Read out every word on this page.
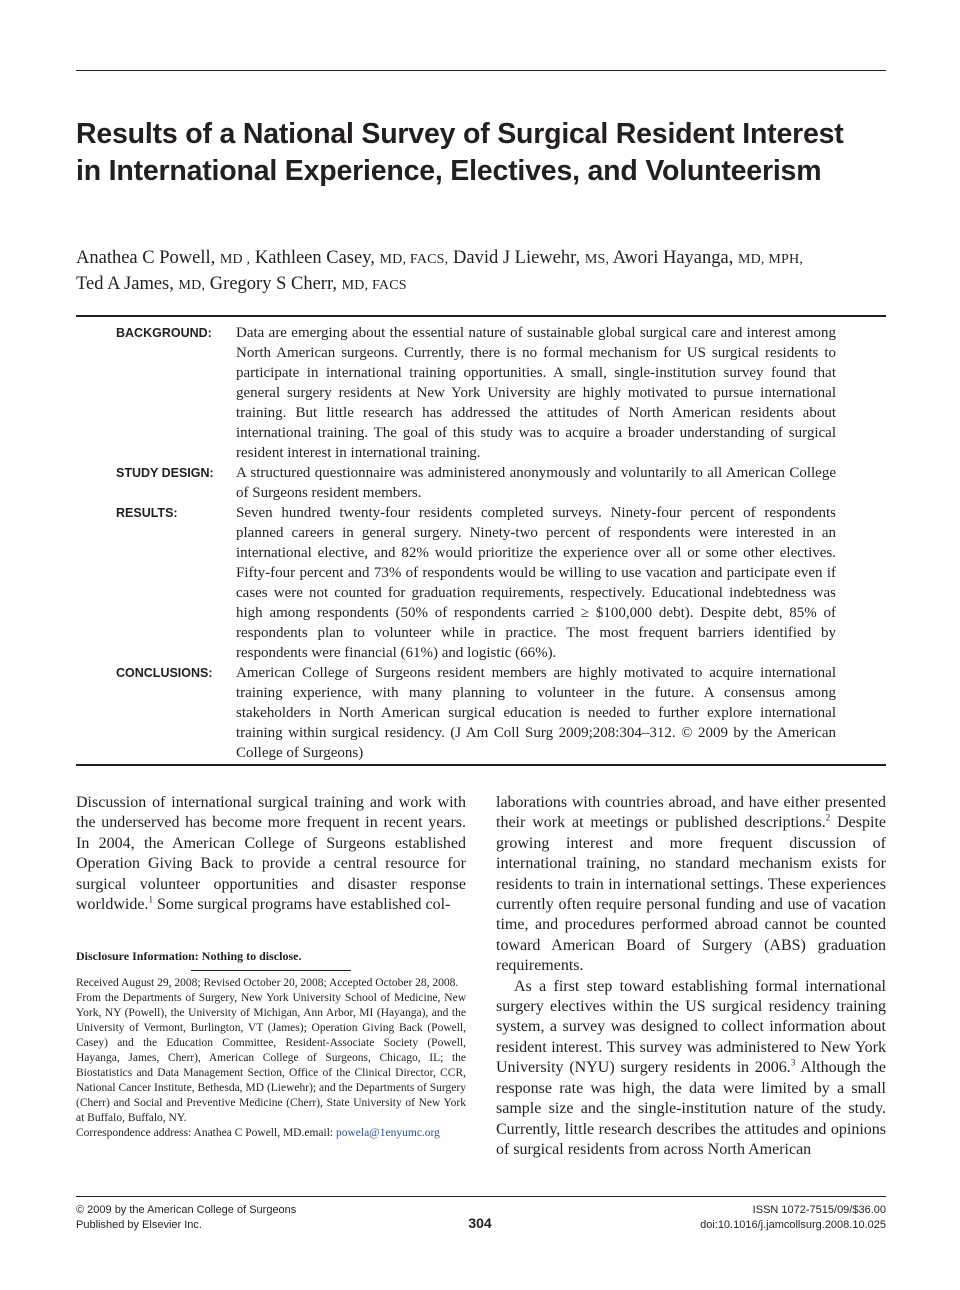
Results of a National Survey of Surgical Resident Interest in International Experience, Electives, and Volunteerism
Anathea C Powell, MD , Kathleen Casey, MD, FACS, David J Liewehr, MS, Awori Hayanga, MD, MPH,
Ted A James, MD, Gregory S Cherr, MD, FACS
BACKGROUND:	Data are emerging about the essential nature of sustainable global surgical care and interest among North American surgeons. Currently, there is no formal mechanism for US surgical residents to participate in international training opportunities. A small, single-institution survey found that general surgery residents at New York University are highly motivated to pursue international training. But little research has addressed the attitudes of North American residents about international training. The goal of this study was to acquire a broader understanding of surgical resident interest in international training.
STUDY DESIGN:	A structured questionnaire was administered anonymously and voluntarily to all American College of Surgeons resident members.
RESULTS:	Seven hundred twenty-four residents completed surveys. Ninety-four percent of respondents planned careers in general surgery. Ninety-two percent of respondents were interested in an international elective, and 82% would prioritize the experience over all or some other electives. Fifty-four percent and 73% of respondents would be willing to use vacation and participate even if cases were not counted for graduation requirements, respectively. Educational indebtedness was high among respondents (50% of respondents carried ≥ $100,000 debt). Despite debt, 85% of respondents plan to volunteer while in practice. The most frequent barriers identified by respondents were financial (61%) and logistic (66%).
CONCLUSIONS:	American College of Surgeons resident members are highly motivated to acquire international training experience, with many planning to volunteer in the future. A consensus among stakeholders in North American surgical education is needed to further explore international training within surgical residency. (J Am Coll Surg 2009;208:304–312. © 2009 by the American College of Surgeons)

Discussion of international surgical training and work with the underserved has become more frequent in recent years. In 2004, the American College of Surgeons established Operation Giving Back to provide a central resource for surgical volunteer opportunities and disaster response worldwide.$^1$ Some surgical programs have established col-

Disclosure Information: Nothing to disclose.

Received August 29, 2008; Revised October 20, 2008; Accepted October 28, 2008.

From the Departments of Surgery, New York University School of Medicine, New York, NY (Powell), the University of Michigan, Ann Arbor, MI (Hayanga), and the University of Vermont, Burlington, VT (James); Operation Giving Back (Powell, Casey) and the Education Committee, Resident-Associate Society (Powell, Hayanga, James, Cherr), American College of Surgeons, Chicago, IL; the Biostatistics and Data Management Section, Office of the Clinical Director, CCR, National Cancer Institute, Bethesda, MD (Liewehr); and the Departments of Surgery (Cherr) and Social and Preventive Medicine (Cherr), State University of New York at Buffalo, Buffalo, NY.

Correspondence address: Anathea C Powell, MD.email: powela@1enyumc.org

laborations with countries abroad, and have either presented their work at meetings or published descriptions.$^2$ Despite growing interest and more frequent discussion of international training, no standard mechanism exists for residents to train in international settings. These experiences currently often require personal funding and use of vacation time, and procedures performed abroad cannot be counted toward American Board of Surgery (ABS) graduation requirements.

As a first step toward establishing formal international surgery electives within the US surgical residency training system, a survey was designed to collect information about resident interest. This survey was administered to New York University (NYU) surgery residents in 2006.$^3$ Although the response rate was high, the data were limited by a small sample size and the single-institution nature of the study. Currently, little research describes the attitudes and opinions of surgical residents from across North American

© 2009 by the American College of Surgeons
Published by Elsevier Inc.	304
ISSN 1072-7515/09/$36.00
doi:10.1016/j.jamcollsurg.2008.10.025
